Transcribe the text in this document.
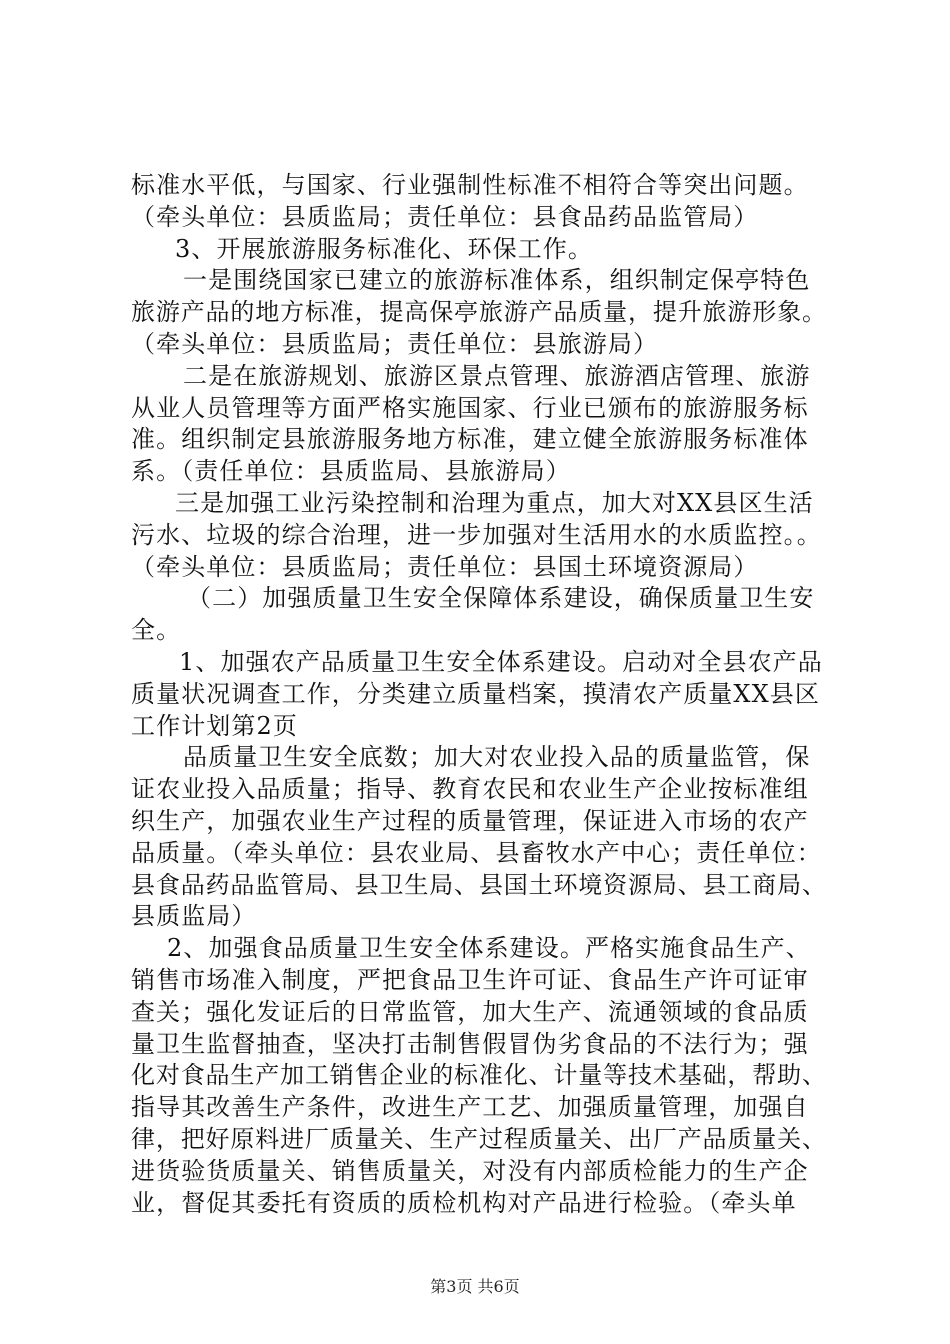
标准水平低，与国家、行业强制性标准不相符合等突出问题。
（牵头单位：县质监局；责任单位：县食品药品监管局）
3、开展旅游服务标准化、环保工作。
一是围绕国家已建立的旅游标准体系，组织制定保亭特色
旅游产品的地方标准，提高保亭旅游产品质量，提升旅游形象。
（牵头单位：县质监局；责任单位：县旅游局）
二是在旅游规划、旅游区景点管理、旅游酒店管理、旅游
从业人员管理等方面严格实施国家、行业已颁布的旅游服务标
准。组织制定县旅游服务地方标准，建立健全旅游服务标准体
系。（责任单位：县质监局、县旅游局）
三是加强工业污染控制和治理为重点，加大对XX县区生活
污水、垃圾的综合治理，进一步加强对生活用水的水质监控。。
（牵头单位：县质监局；责任单位：县国土环境资源局）
（二）加强质量卫生安全保障体系建设，确保质量卫生安
全。
1、加强农产品质量卫生安全体系建设。启动对全县农产品
质量状况调查工作，分类建立质量档案，摸清农产质量XX县区
工作计划第2页
品质量卫生安全底数；加大对农业投入品的质量监管，保
证农业投入品质量；指导、教育农民和农业生产企业按标准组
织生产，加强农业生产过程的质量管理，保证进入市场的农产
品质量。（牵头单位：县农业局、县畜牧水产中心；责任单位：
县食品药品监管局、县卫生局、县国土环境资源局、县工商局、
县质监局）
2、加强食品质量卫生安全体系建设。严格实施食品生产、
销售市场准入制度，严把食品卫生许可证、食品生产许可证审
查关；强化发证后的日常监管，加大生产、流通领域的食品质
量卫生监督抽查，坚决打击制售假冒伪劣食品的不法行为；强
化对食品生产加工销售企业的标准化、计量等技术基础，帮助、
指导其改善生产条件，改进生产工艺、加强质量管理，加强自
律，把好原料进厂质量关、生产过程质量关、出厂产品质量关、
进货验货质量关、销售质量关，对没有内部质检能力的生产企
业，督促其委托有资质的质检机构对产品进行检验。（牵头单
第3页 共6页
